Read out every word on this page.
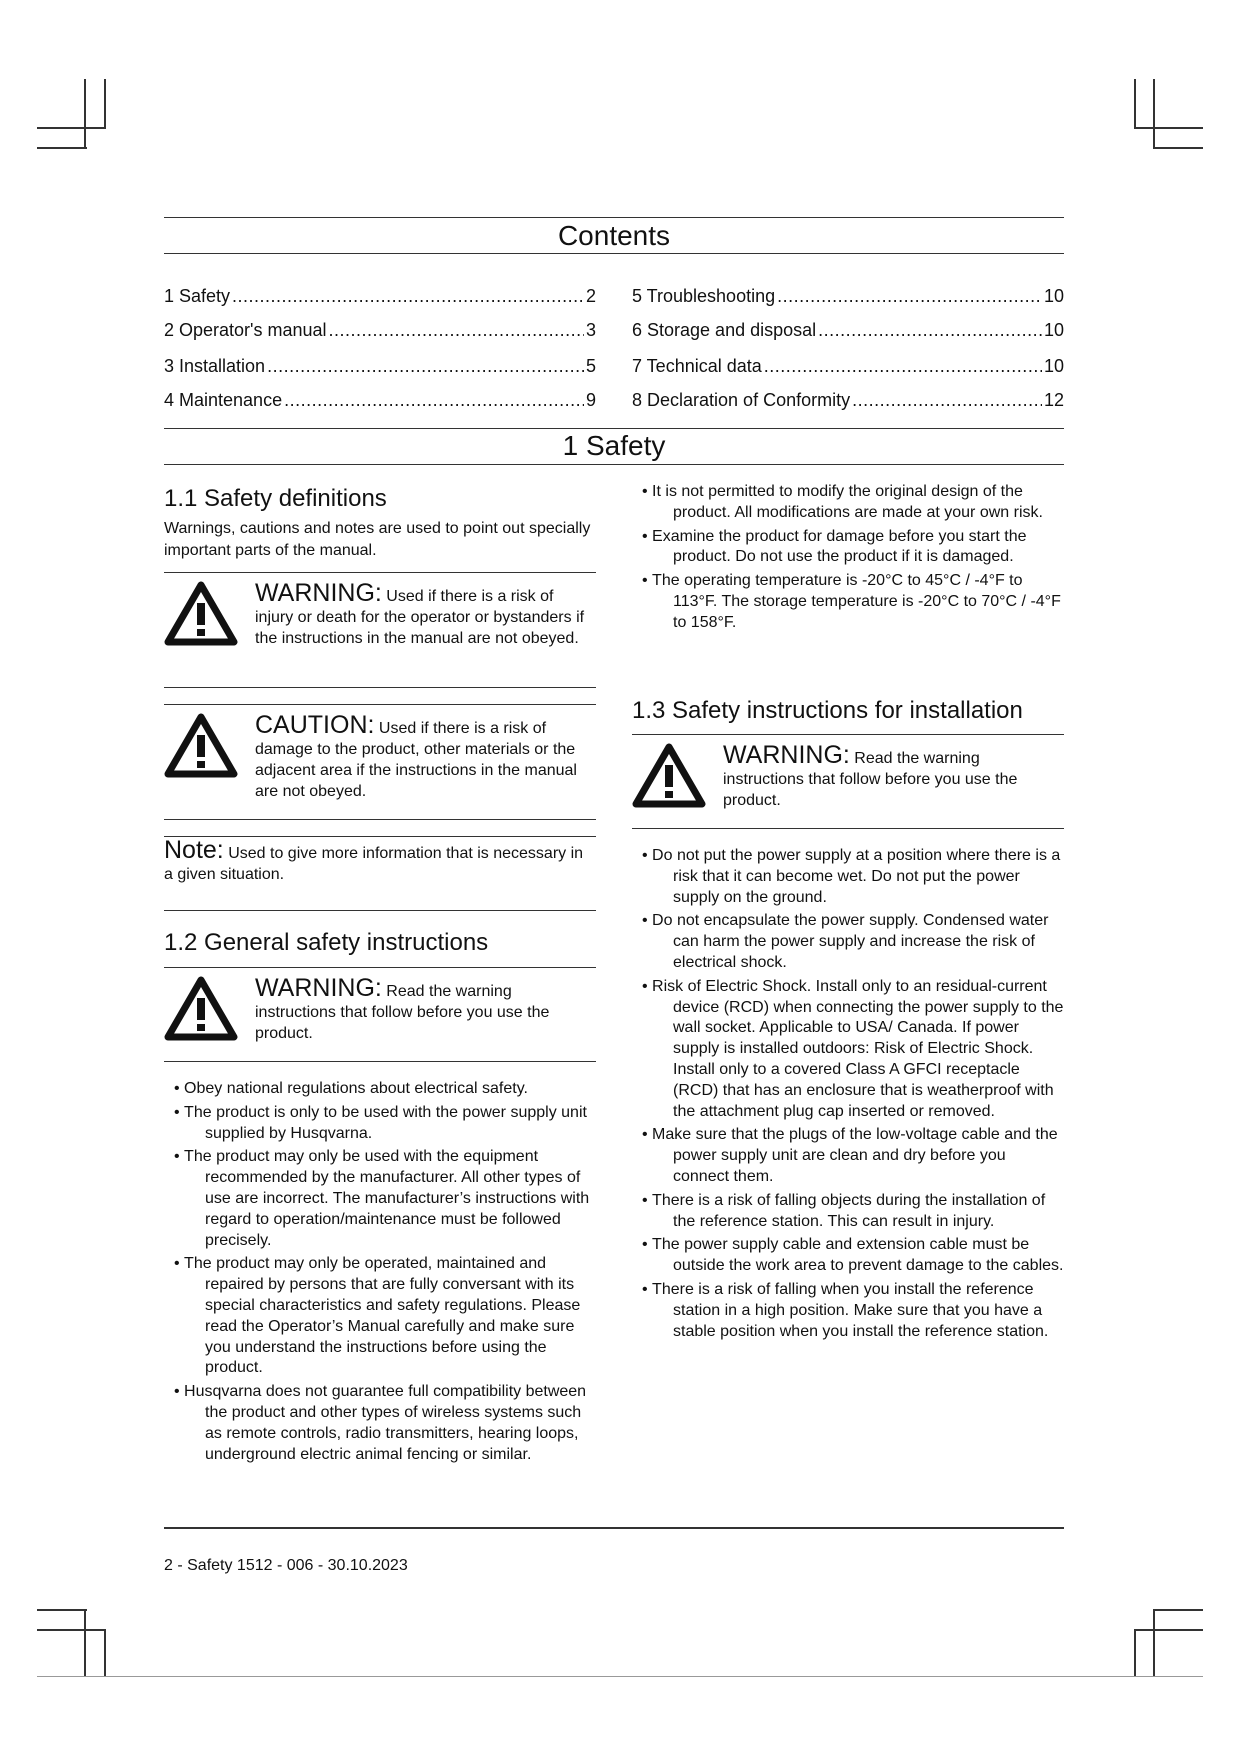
Contents
1 Safety .....	2
2 Operator's manual .....	3
3 Installation .....	5
4 Maintenance .....	9
5 Troubleshooting .....	10
6 Storage and disposal .....	10
7 Technical data .....	10
8 Declaration of Conformity .....	12
1 Safety
1.1 Safety definitions
Warnings, cautions and notes are used to point out specially important parts of the manual.
WARNING: Used if there is a risk of injury or death for the operator or bystanders if the instructions in the manual are not obeyed.
CAUTION: Used if there is a risk of damage to the product, other materials or the adjacent area if the instructions in the manual are not obeyed.
Note: Used to give more information that is necessary in a given situation.
1.2 General safety instructions
WARNING: Read the warning instructions that follow before you use the product.
• Obey national regulations about electrical safety.
• The product is only to be used with the power supply unit supplied by Husqvarna.
• The product may only be used with the equipment recommended by the manufacturer. All other types of use are incorrect. The manufacturer’s instructions with regard to operation/maintenance must be followed precisely.
• The product may only be operated, maintained and repaired by persons that are fully conversant with its special characteristics and safety regulations. Please read the Operator’s Manual carefully and make sure you understand the instructions before using the product.
• Husqvarna does not guarantee full compatibility between the product and other types of wireless systems such as remote controls, radio transmitters, hearing loops, underground electric animal fencing or similar.
• It is not permitted to modify the original design of the product. All modifications are made at your own risk.
• Examine the product for damage before you start the product. Do not use the product if it is damaged.
• The operating temperature is -20°C to 45°C / -4°F to 113°F. The storage temperature is -20°C to 70°C / -4°F to 158°F.
1.3 Safety instructions for installation
WARNING: Read the warning instructions that follow before you use the product.
• Do not put the power supply at a position where there is a risk that it can become wet. Do not put the power supply on the ground.
• Do not encapsulate the power supply. Condensed water can harm the power supply and increase the risk of electrical shock.
• Risk of Electric Shock. Install only to an residual-current device (RCD) when connecting the power supply to the wall socket. Applicable to USA/ Canada. If power supply is installed outdoors: Risk of Electric Shock. Install only to a covered Class A GFCI receptacle (RCD) that has an enclosure that is weatherproof with the attachment plug cap inserted or removed.
• Make sure that the plugs of the low-voltage cable and the power supply unit are clean and dry before you connect them.
• There is a risk of falling objects during the installation of the reference station. This can result in injury.
• The power supply cable and extension cable must be outside the work area to prevent damage to the cables.
• There is a risk of falling when you install the reference station in a high position. Make sure that you have a stable position when you install the reference station.
2 - Safety 1512 - 006 - 30.10.2023
